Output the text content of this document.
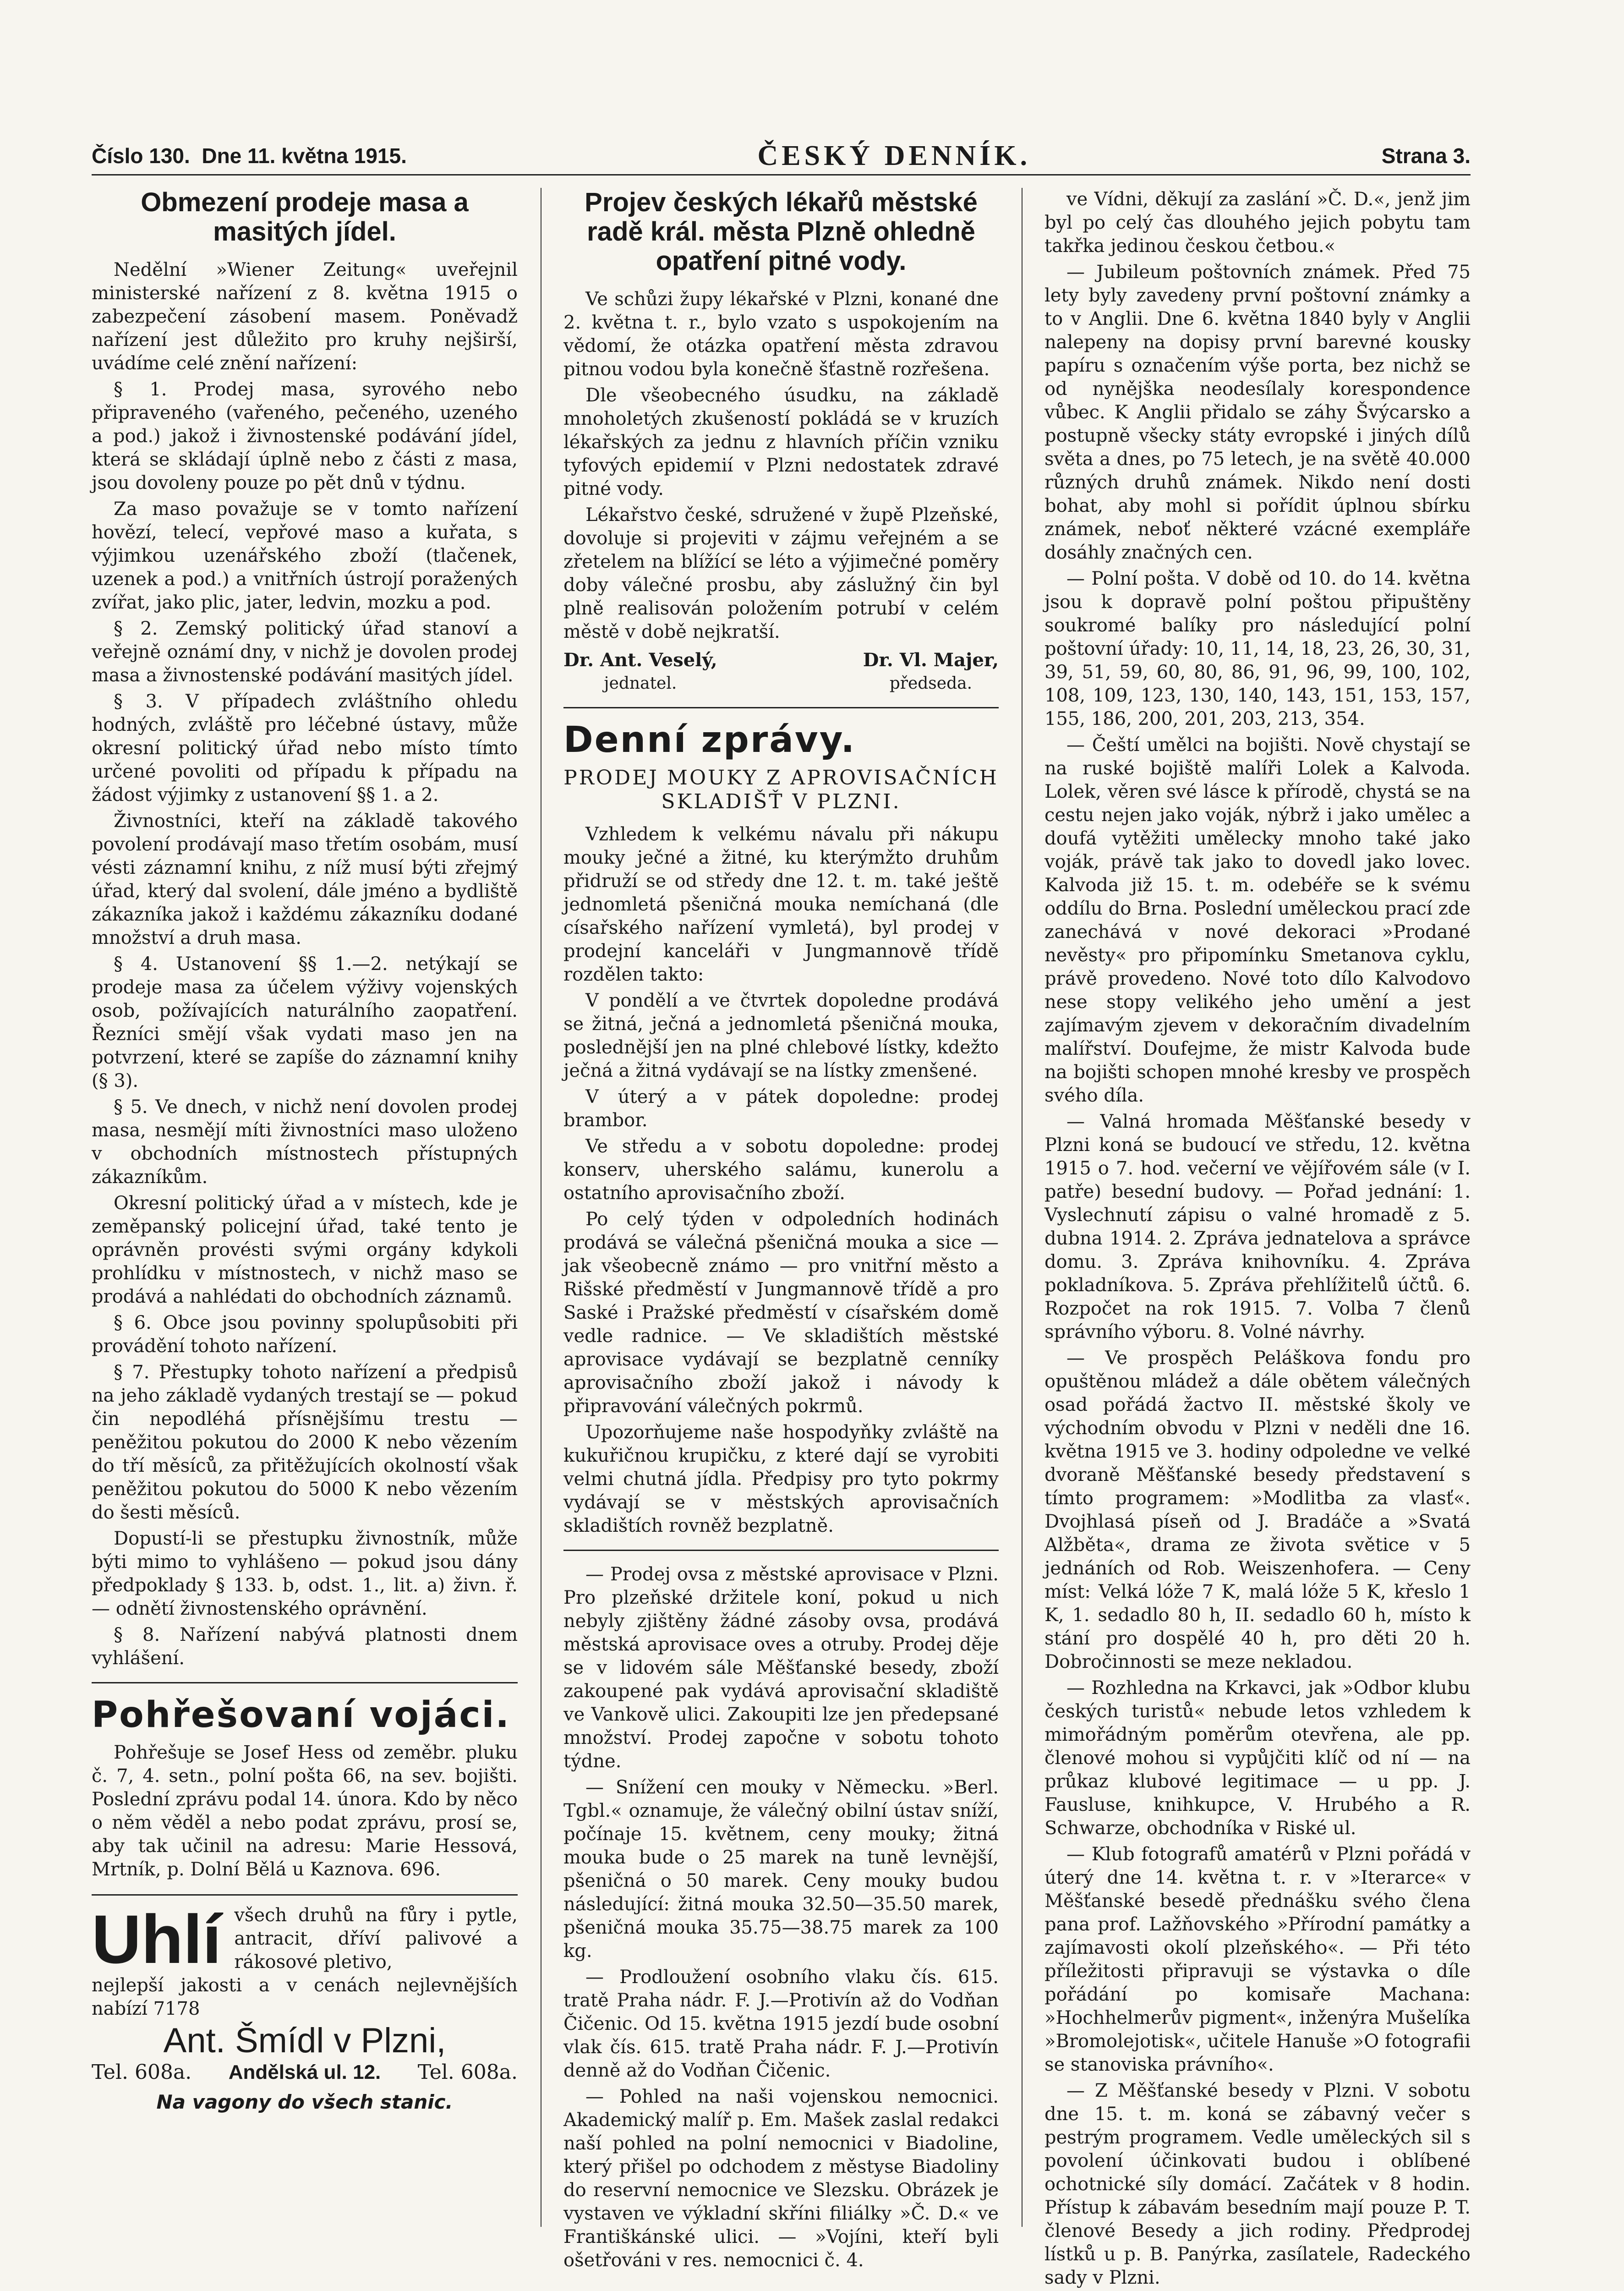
Číslo 130. Dne 11. května 1915.	ČESKÝ DENNÍK.	Strana 3.
Obmezení prodeje masa a masitých jídel.

Nedělní »Wiener Zeitung« uveřejnil ministerské nařízení z 8. května 1915 o zabezpečení zásobení masem. Poněvadž nařízení jest důležito pro kruhy nejširší, uvádíme celé znění nařízení:

§ 1. Prodej masa, syrového nebo připraveného (vařeného, pečeného, uzeného a pod.) jakož i živnostenské podávání jídel, která se skládají úplně nebo z části z masa, jsou dovoleny pouze po pět dnů v týdnu.

Za maso považuje se v tomto nařízení hovězí, telecí, vepřové maso a kuřata, s výjimkou uzenářského zboží (tlačenek, uzenek a pod.) a vnitřních ústrojí poražených zvířat, jako plic, jater, ledvin, mozku a pod.

§ 2. Zemský politický úřad stanoví a veřejně oznámí dny, v nichž je dovolen prodej masa a živnostenské podávání masitých jídel.

§ 3. V případech zvláštního ohledu hodných, zvláště pro léčebné ústavy, může okresní politický úřad nebo místo tímto určené povoliti od případu k případu na žádost výjimky z ustanovení §§ 1. a 2.

Živnostníci, kteří na základě takového povolení prodávají maso třetím osobám, musí vésti záznamní knihu, z níž musí býti zřejmý úřad, který dal svolení, dále jméno a bydliště zákazníka jakož i každému zákazníku dodané množství a druh masa.

§ 4. Ustanovení §§ 1.—2. netýkají se prodeje masa za účelem výživy vojenských osob, požívajících naturálního zaopatření. Řezníci smějí však vydati maso jen na potvrzení, které se zapíše do záznamní knihy (§ 3).

§ 5. Ve dnech, v nichž není dovolen prodej masa, nesmějí míti živnostníci maso uloženo v obchodních místnostech přístupných zákazníkům.

Okresní politický úřad a v místech, kde je zeměpanský policejní úřad, také tento je oprávněn provésti svými orgány kdykoli prohlídku v místnostech, v nichž maso se prodává a nahlédati do obchodních záznamů.

§ 6. Obce jsou povinny spolupůsobiti při provádění tohoto nařízení.

§ 7. Přestupky tohoto nařízení a předpisů na jeho základě vydaných trestají se — pokud čin nepodléhá přísnějšímu trestu — peněžitou pokutou do 2000 K nebo vězením do tří měsíců, za přitěžujících okolností však peněžitou pokutou do 5000 K nebo vězením do šesti měsíců.

Dopustí-li se přestupku živnostník, může býti mimo to vyhlášeno — pokud jsou dány předpoklady § 133. b, odst. 1., lit. a) živn. ř. — odnětí živnostenského oprávnění.

§ 8. Nařízení nabývá platnosti dnem vyhlášení.

Pohřešovaní vojáci.

Pohřešuje se Josef Hess od zeměbr. pluku č. 7, 4. setn., polní pošta 66, na sev. bojišti. Poslední zprávu podal 14. února. Kdo by něco o něm věděl a nebo podat zprávu, prosí se, aby tak učinil na adresu: Marie Hessová, Mrtník, p. Dolní Bělá u Kaznova. 696.

Uhlí všech druhů na fůry i pytle, antracit, dříví palivové a rákosové pletivo,

nejlepší jakosti a v cenách nejlevnějších nabízí 7178

Ant. Šmídl v Plzni,
Tel. 608a. Andělská ul. 12. Tel. 608a.
Na vagony do všech stanic.
Projev českých lékařů městské radě král. města Plzně ohledně opatření pitné vody.

Ve schůzi župy lékařské v Plzni, konané dne 2. května t. r., bylo vzato s uspokojením na vědomí, že otázka opatření města zdravou pitnou vodou byla konečně šťastně rozřešena.

Dle všeobecného úsudku, na základě mnoholetých zkušeností pokládá se v kruzích lékařských za jednu z hlavních příčin vzniku tyfových epidemií v Plzni nedostatek zdravé pitné vody.

Lékařstvo české, sdružené v župě Plzeňské, dovoluje si projeviti v zájmu veřejném a se zřetelem na blížící se léto a výjimečné poměry doby válečné prosbu, aby záslužný čin byl plně realisován položením potrubí v celém městě v době nejkratší.

Dr. Ant. Veselý,
jednatel.
Dr. Vl. Majer,
předseda.
Denní zprávy.
PRODEJ MOUKY Z APROVISAČNÍCH SKLADIŠŤ V PLZNI.

Vzhledem k velkému návalu při nákupu mouky ječné a žitné, ku kterýmžto druhům přidruží se od středy dne 12. t. m. také ještě jednomletá pšeničná mouka nemíchaná (dle císařského nařízení vymletá), byl prodej v prodejní kanceláři v Jungmannově třídě rozdělen takto:

V pondělí a ve čtvrtek dopoledne prodává se žitná, ječná a jednomletá pšeničná mouka, poslednější jen na plné chlebové lístky, kdežto ječná a žitná vydávají se na lístky zmenšené.

V úterý a v pátek dopoledne: prodej brambor.

Ve středu a v sobotu dopoledne: prodej konserv, uherského salámu, kunerolu a ostatního aprovisačního zboží.

Po celý týden v odpoledních hodinách prodává se válečná pšeničná mouka a sice — jak všeobecně známo — pro vnitřní město a Rišské předměstí v Jungmannově třídě a pro Saské i Pražské předměstí v císařském domě vedle radnice. — Ve skladištích městské aprovisace vydávají se bezplatně cenníky aprovisačního zboží jakož i návody k připravování válečných pokrmů.

Upozorňujeme naše hospodyňky zvláště na kukuřičnou krupičku, z které dají se vyrobiti velmi chutná jídla. Předpisy pro tyto pokrmy vydávají se v městských aprovisačních skladištích rovněž bezplatně.

— Prodej ovsa z městské aprovisace v Plzni. Pro plzeňské držitele koní, pokud u nich nebyly zjištěny žádné zásoby ovsa, prodává městská aprovisace oves a otruby. Prodej děje se v lidovém sále Měšťanské besedy, zboží zakoupené pak vydává aprovisační skladiště ve Vankově ulici. Zakoupiti lze jen předepsané množství. Prodej započne v sobotu tohoto týdne.

— Snížení cen mouky v Německu. »Berl. Tgbl.« oznamuje, že válečný obilní ústav sníží, počínaje 15. květnem, ceny mouky; žitná mouka bude o 25 marek na tuně levnější, pšeničná o 50 marek. Ceny mouky budou následující: žitná mouka 32.50—35.50 marek, pšeničná mouka 35.75—38.75 marek za 100 kg.

— Prodloužení osobního vlaku čís. 615. tratě Praha nádr. F. J.—Protivín až do Vodňan Čičenic. Od 15. května 1915 jezdí bude osobní vlak čís. 615. tratě Praha nádr. F. J.—Protivín denně až do Vodňan Čičenic.

— Pohled na naši vojenskou nemocnici. Akademický malíř p. Em. Mašek zaslal redakci naší pohled na polní nemocnici v Biadoline, který přišel po odchodem z městyse Biadoliny do reservní nemocnice ve Slezsku. Obrázek je vystaven ve výkladní skříni filiálky »Č. D.« ve Františkánské ulici. — »Vojíni, kteří byli ošetřováni v res. nemocnici č. 4.

ve Vídni, děkují za zaslání »Č. D.«, jenž jim byl po celý čas dlouhého jejich pobytu tam takřka jedinou českou četbou.«

— Jubileum poštovních známek. Před 75 lety byly zavedeny první poštovní známky a to v Anglii. Dne 6. května 1840 byly v Anglii nalepeny na dopisy první barevné kousky papíru s označením výše porta, bez nichž se od nynějška neodesílaly korespondence vůbec. K Anglii přidalo se záhy Švýcarsko a postupně všecky státy evropské i jiných dílů světa a dnes, po 75 letech, je na světě 40.000 různých druhů známek. Nikdo není dosti bohat, aby mohl si pořídit úplnou sbírku známek, neboť některé vzácné exempláře dosáhly značných cen.

— Polní pošta. V době od 10. do 14. května jsou k dopravě polní poštou připuštěny soukromé balíky pro následující polní poštovní úřady: 10, 11, 14, 18, 23, 26, 30, 31, 39, 51, 59, 60, 80, 86, 91, 96, 99, 100, 102, 108, 109, 123, 130, 140, 143, 151, 153, 157, 155, 186, 200, 201, 203, 213, 354.

— Čeští umělci na bojišti. Nově chystají se na ruské bojiště malíři Lolek a Kalvoda. Lolek, věren své lásce k přírodě, chystá se na cestu nejen jako voják, nýbrž i jako umělec a doufá vytěžiti umělecky mnoho také jako voják, právě tak jako to dovedl jako lovec. Kalvoda již 15. t. m. odebéře se k svému oddílu do Brna. Poslední uměleckou prací zde zanechává v nové dekoraci »Prodané nevěsty« pro připomínku Smetanova cyklu, právě provedeno. Nové toto dílo Kalvodovo nese stopy velikého jeho umění a jest zajímavým zjevem v dekoračním divadelním malířství. Doufejme, že mistr Kalvoda bude na bojišti schopen mnohé kresby ve prospěch svého díla.

— Valná hromada Měšťanské besedy v Plzni koná se budoucí ve středu, 12. května 1915 o 7. hod. večerní ve vějířovém sále (v I. patře) besední budovy. — Pořad jednání: 1. Vyslechnutí zápisu o valné hromadě z 5. dubna 1914. 2. Zpráva jednatelova a správce domu. 3. Zpráva knihovníku. 4. Zpráva pokladníkova. 5. Zpráva přehlížitelů účtů. 6. Rozpočet na rok 1915. 7. Volba 7 členů správního výboru. 8. Volné návrhy.

— Ve prospěch Peláškova fondu pro opuštěnou mládež a dále obětem válečných osad pořádá žactvo II. městské školy ve východním obvodu v Plzni v neděli dne 16. května 1915 ve 3. hodiny odpoledne ve velké dvoraně Měšťanské besedy představení s tímto programem: »Modlitba za vlasť«. Dvojhlasá píseň od J. Bradáče a »Svatá Alžběta«, drama ze života světice v 5 jednáních od Rob. Weiszenhofera. — Ceny míst: Velká lóže 7 K, malá lóže 5 K, křeslo 1 K, 1. sedadlo 80 h, II. sedadlo 60 h, místo k stání pro dospělé 40 h, pro děti 20 h. Dobročinnosti se meze nekladou.

— Rozhledna na Krkavci, jak »Odbor klubu českých turistů« nebude letos vzhledem k mimořádným poměrům otevřena, ale pp. členové mohou si vypůjčiti klíč od ní — na průkaz klubové legitimace — u pp. J. Fausluse, knihkupce, V. Hrubého a R. Schwarze, obchodníka v Riské ul.

— Klub fotografů amatérů v Plzni pořádá v úterý dne 14. května t. r. v »Iterarce« v Měšťanské besedě přednášku svého člena pana prof. Lažňovského »Přírodní památky a zajímavosti okolí plzeňského«. — Při této příležitosti připravuji se výstavka o díle pořádání po komisaře Machana: »Hochhelmerův pigment«, inženýra Mušelíka »Bromolejotisk«, učitele Hanuše »O fotografii se stanoviska právního«.

— Z Měšťanské besedy v Plzni. V sobotu dne 15. t. m. koná se zábavný večer s pestrým programem. Vedle uměleckých sil s povolení účinkovati budou i oblíbené ochotnické síly domácí. Začátek v 8 hodin. Přístup k zábavám besedním mají pouze P. T. členové Besedy a jich rodiny. Předprodej lístků u p. B. Panýrka, zasílatele, Radeckého sady v Plzni.
